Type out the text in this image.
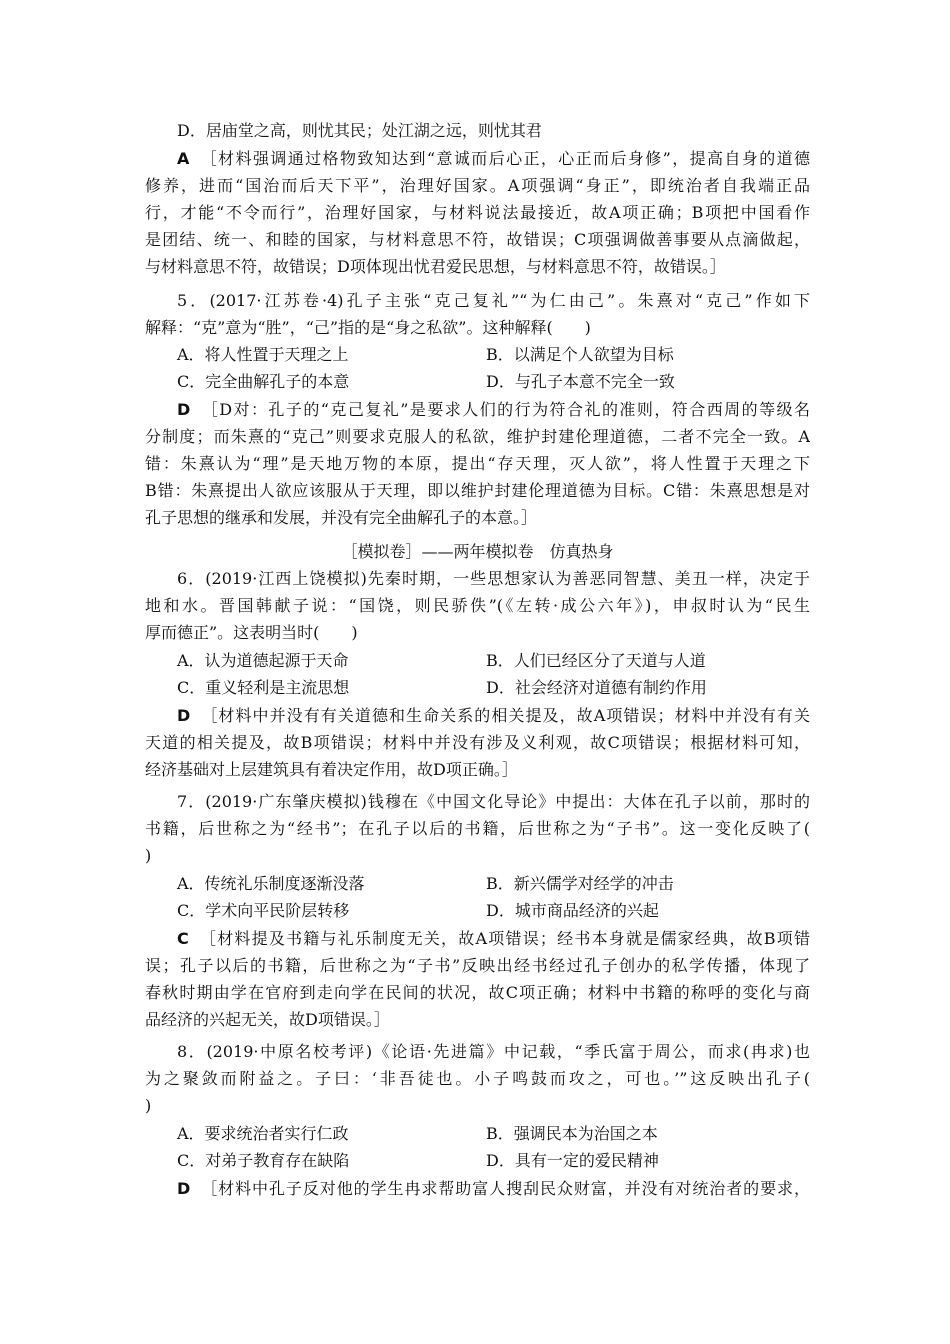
D．居庙堂之高，则忧其民；处江湖之远，则忧其君
A ［材料强调通过格物致知达到“意诚而后心正，心正而后身修”，提高自身的道德
修养，进而“国治而后天下平”，治理好国家。A项强调“身正”，即统治者自我端正品
行，才能“不令而行”，治理好国家，与材料说法最接近，故A项正确；B项把中国看作
是团结、统一、和睦的国家，与材料意思不符，故错误；C项强调做善事要从点滴做起，
与材料意思不符，故错误；D项体现出忧君爱民思想，与材料意思不符，故错误。］
5．(2017·江苏卷·4)孔子主张“克己复礼”“为仁由己”。朱熹对“克己”作如下
解释：“克”意为“胜”，“己”指的是“身之私欲”。这种解释(　　)
A．将人性置于天理之上	B．以满足个人欲望为目标
C．完全曲解孔子的本意	D．与孔子本意不完全一致
D ［D对：孔子的“克己复礼”是要求人们的行为符合礼的准则，符合西周的等级名
分制度；而朱熹的“克己”则要求克服人的私欲，维护封建伦理道德，二者不完全一致。A
错：朱熹认为“理”是天地万物的本原，提出“存天理，灭人欲”，将人性置于天理之下
B错：朱熹提出人欲应该服从于天理，即以维护封建伦理道德为目标。C错：朱熹思想是对
孔子思想的继承和发展，并没有完全曲解孔子的本意。］
［模拟卷］——两年模拟卷　仿真热身
6．(2019·江西上饶模拟)先秦时期，一些思想家认为善恶同智慧、美丑一样，决定于
地和水。晋国韩献子说：“国饶，则民骄佚”(《左转·成公六年》)，申叔时认为“民生
厚而德正”。这表明当时(　　)
A．认为道德起源于天命	B．人们已经区分了天道与人道
C．重义轻利是主流思想	D．社会经济对道德有制约作用
D ［材料中并没有有关道德和生命关系的相关提及，故A项错误；材料中并没有有关
天道的相关提及，故B项错误；材料中并没有涉及义利观，故C项错误；根据材料可知，
经济基础对上层建筑具有着决定作用，故D项正确。］
7．(2019·广东肇庆模拟)钱穆在《中国文化导论》中提出：大体在孔子以前，那时的
书籍，后世称之为“经书”；在孔子以后的书籍，后世称之为“子书”。这一变化反映了(
)
A．传统礼乐制度逐渐没落	B．新兴儒学对经学的冲击
C．学术向平民阶层转移	D．城市商品经济的兴起
C ［材料提及书籍与礼乐制度无关，故A项错误；经书本身就是儒家经典，故B项错
误；孔子以后的书籍，后世称之为“子书”反映出经书经过孔子创办的私学传播，体现了
春秋时期由学在官府到走向学在民间的状况，故C项正确；材料中书籍的称呼的变化与商
品经济的兴起无关，故D项错误。］
8．(2019·中原名校考评)《论语·先进篇》中记载，“季氏富于周公，而求(冉求)也
为之聚敛而附益之。子曰：‘非吾徒也。小子鸣鼓而攻之，可也。’”这反映出孔子(
)
A．要求统治者实行仁政	B．强调民本为治国之本
C．对弟子教育存在缺陷	D．具有一定的爱民精神
D ［材料中孔子反对他的学生冉求帮助富人搜刮民众财富，并没有对统治者的要求，
